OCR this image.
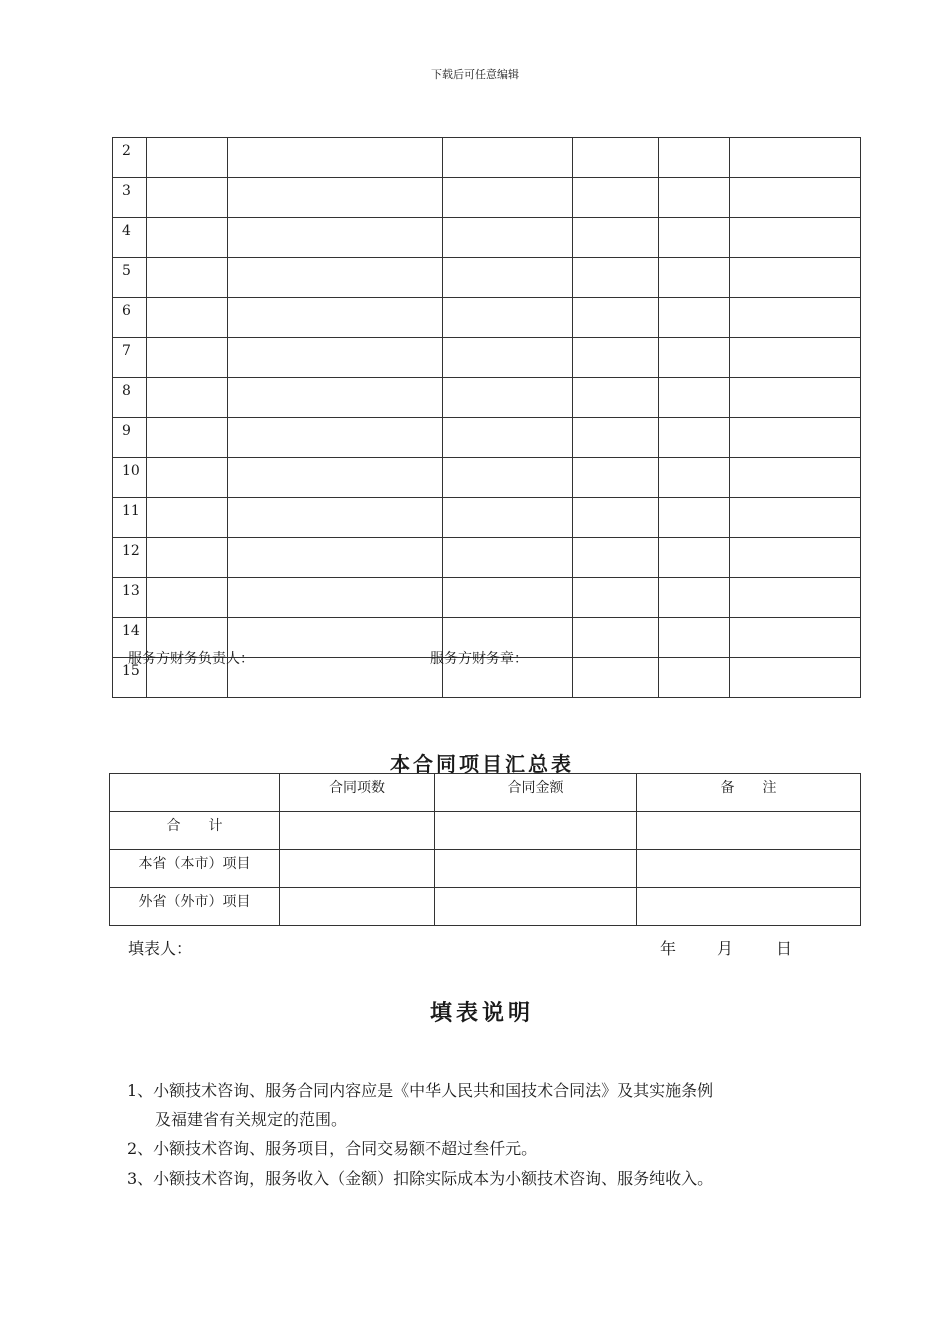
下载后可任意编辑
2						
3						
4						
5						
6						
7						
8						
9						
10						
11						
12						
13						
14						
15						
服务方财务负责人：	服务方财务章：
本合同项目汇总表
	合同项数	合同金额	备　　注
合　　计			
本省（本市）项目			
外省（外市）项目			
填表人：	年	月	日
填表说明
1、小额技术咨询、服务合同内容应是《中华人民共和国技术合同法》及其实施条例
及福建省有关规定的范围。
2、小额技术咨询、服务项目，合同交易额不超过叁仟元。
3、小额技术咨询，服务收入（金额）扣除实际成本为小额技术咨询、服务纯收入。
